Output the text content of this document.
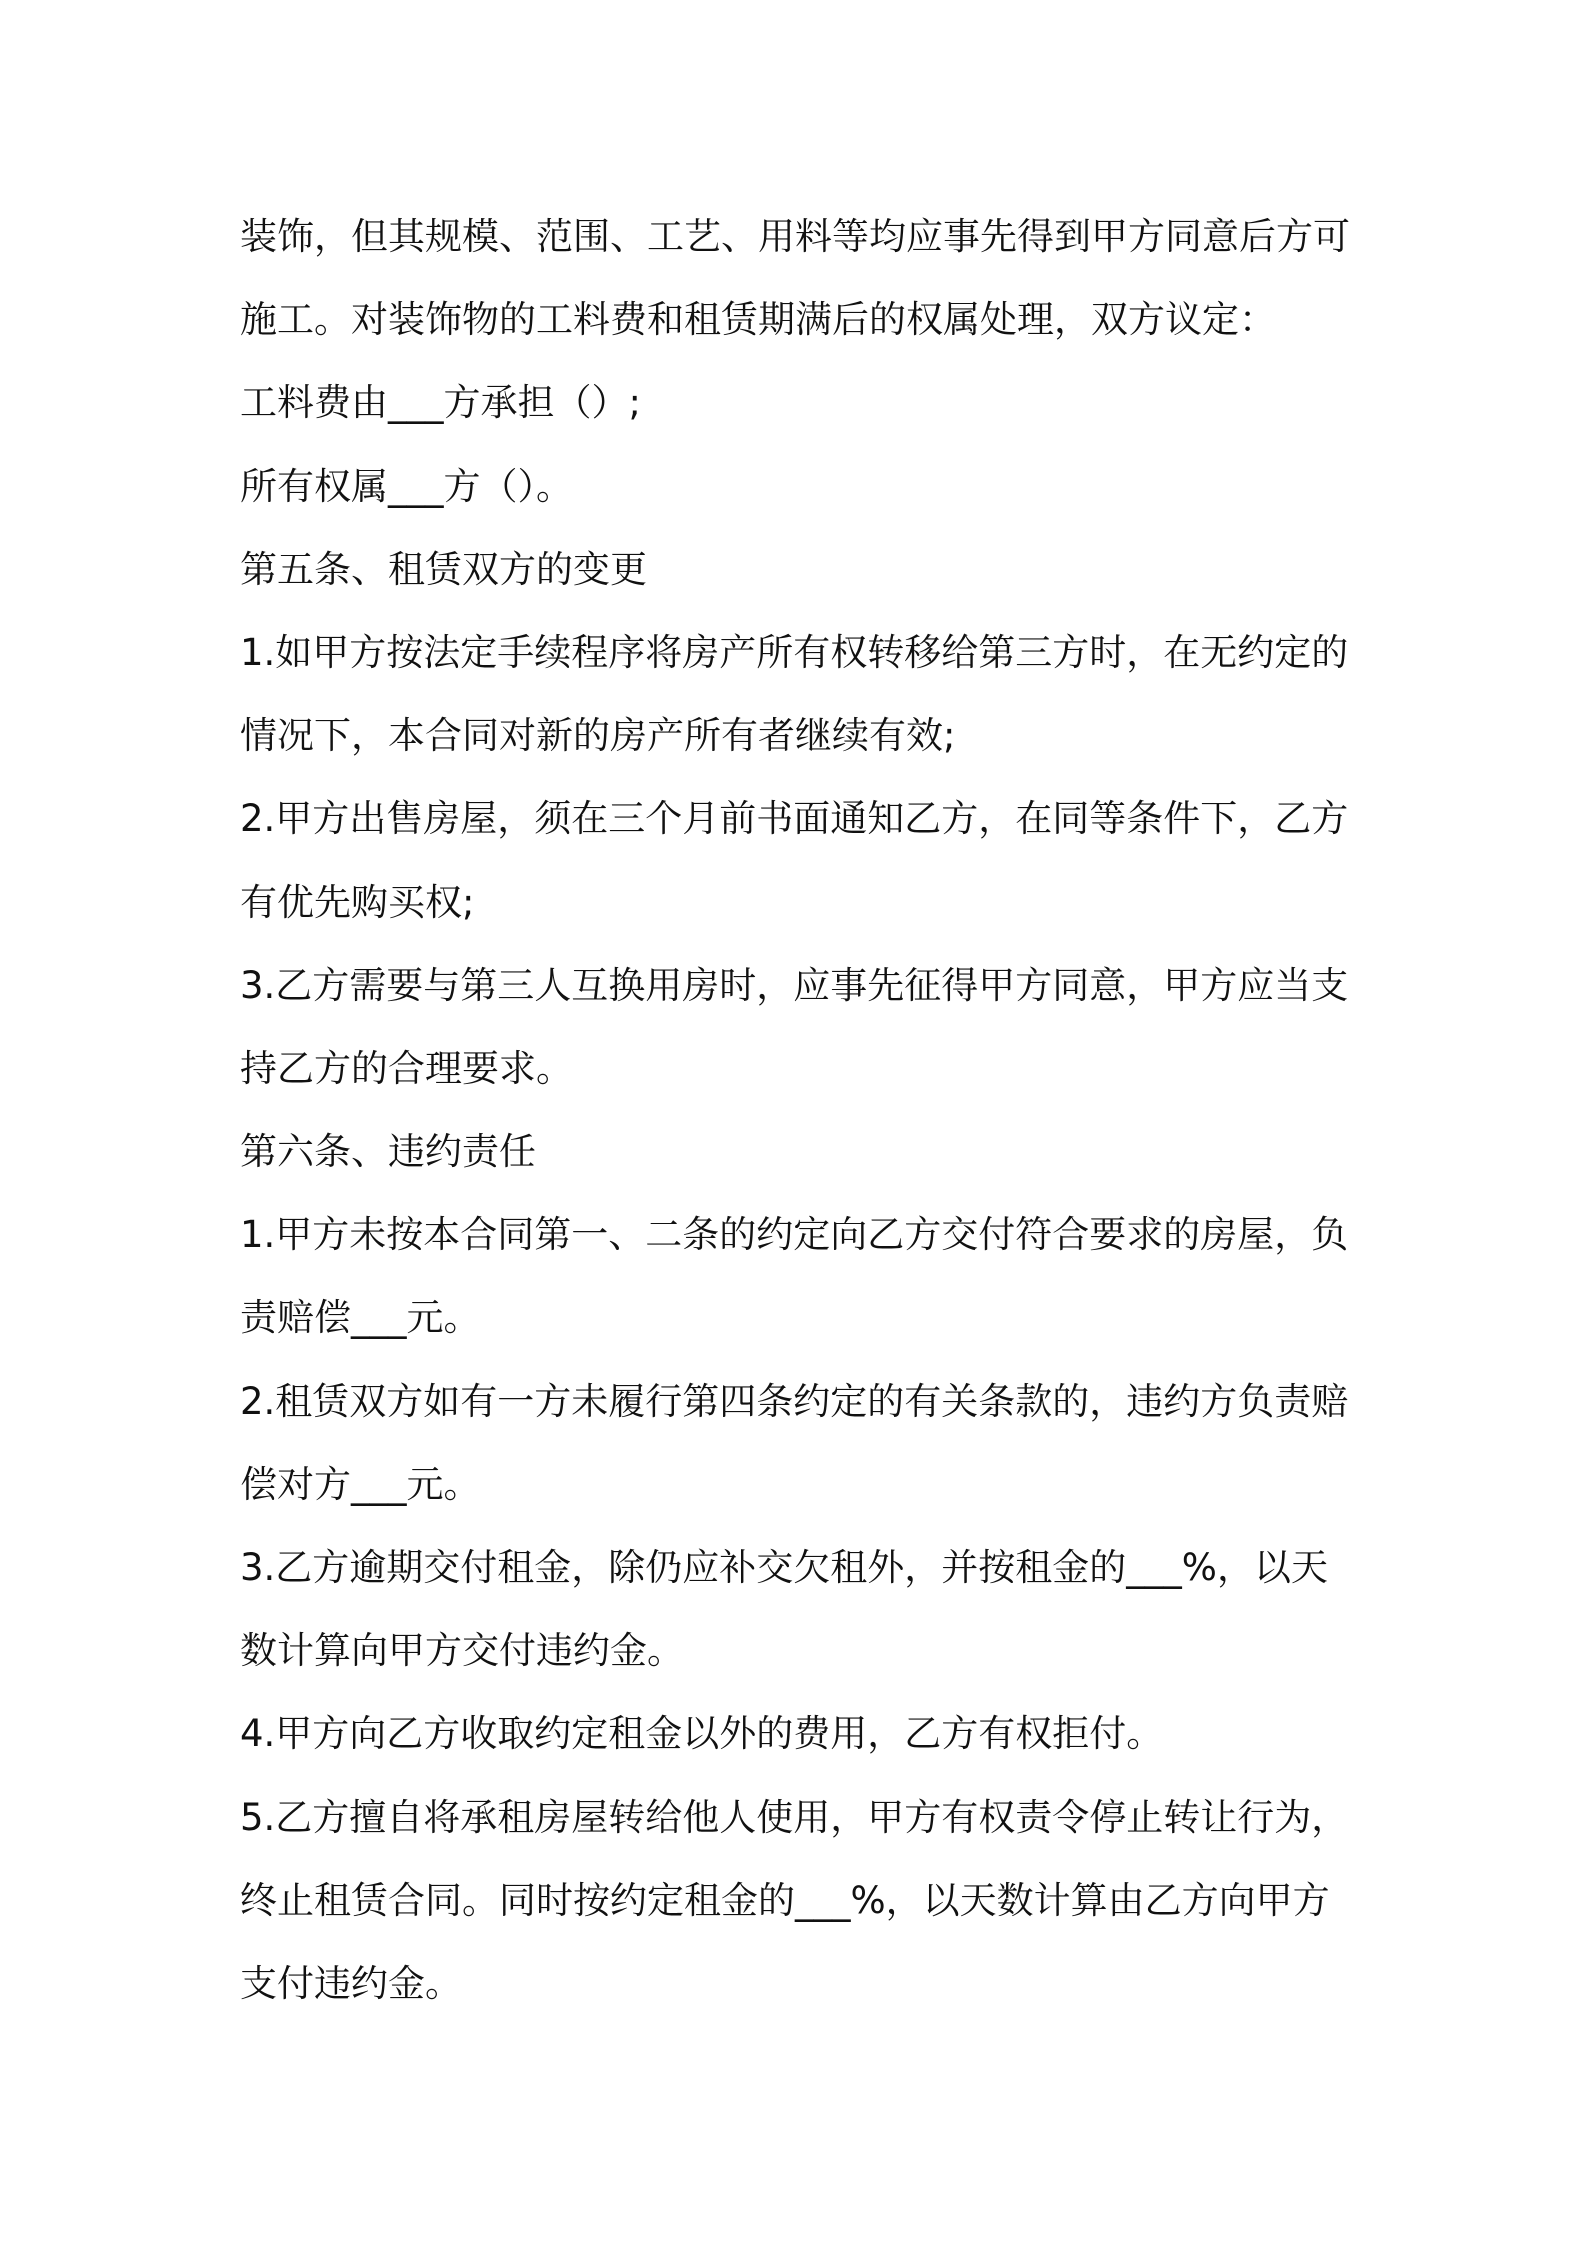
装饰，但其规模、范围、工艺、用料等均应事先得到甲方同意后方可
施工。对装饰物的工料费和租赁期满后的权属处理，双方议定：
工料费由___方承担（）;
所有权属___方（）。
第五条、租赁双方的变更
1.如甲方按法定手续程序将房产所有权转移给第三方时，在无约定的
情况下，本合同对新的房产所有者继续有效;
2.甲方出售房屋，须在三个月前书面通知乙方，在同等条件下，乙方
有优先购买权;
3.乙方需要与第三人互换用房时，应事先征得甲方同意，甲方应当支
持乙方的合理要求。
第六条、违约责任
1.甲方未按本合同第一、二条的约定向乙方交付符合要求的房屋，负
责赔偿___元。
2.租赁双方如有一方未履行第四条约定的有关条款的，违约方负责赔
偿对方___元。
3.乙方逾期交付租金，除仍应补交欠租外，并按租金的___%，以天
数计算向甲方交付违约金。
4.甲方向乙方收取约定租金以外的费用，乙方有权拒付。
5.乙方擅自将承租房屋转给他人使用，甲方有权责令停止转让行为，
终止租赁合同。同时按约定租金的___%，以天数计算由乙方向甲方
支付违约金。
